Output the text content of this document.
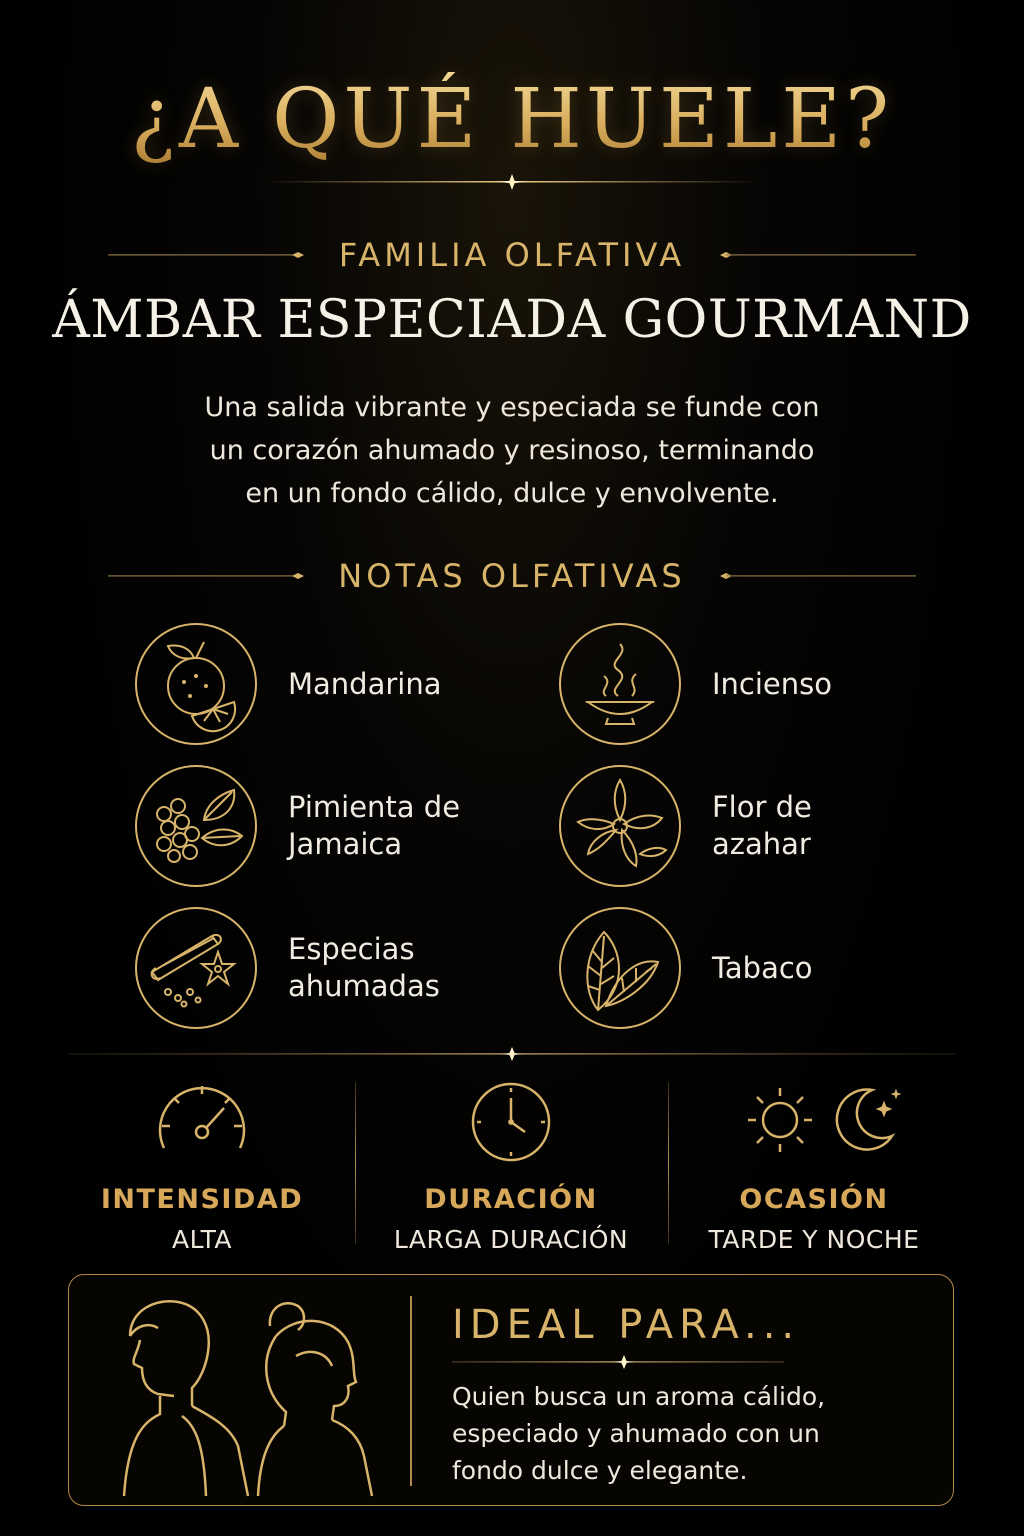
¿A QUÉ HUELE?
FAMILIA OLFATIVA
ÁMBAR ESPECIADA GOURMAND
Una salida vibrante y especiada se funde con
un corazón ahumado y resinoso, terminando
en un fondo cálido, dulce y envolvente.
NOTAS OLFATIVAS
Mandarina	Incienso
Pimienta de
Jamaica
Flor de
azahar
Especias
ahumadas
Tabaco
INTENSIDAD
ALTA
DURACIÓN
LARGA DURACIÓN
OCASIÓN
TARDE Y NOCHE
IDEAL PARA...
Quien busca un aroma cálido,
especiado y ahumado con un
fondo dulce y elegante.
